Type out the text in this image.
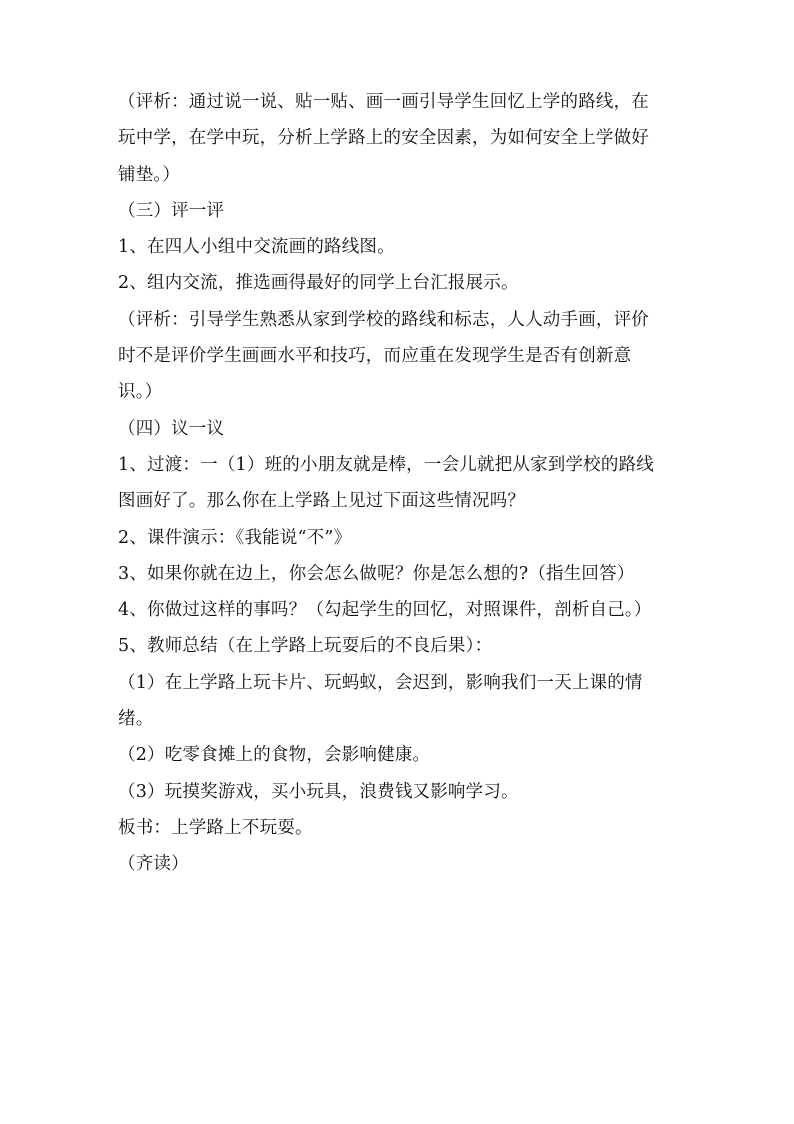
（评析：通过说一说、贴一贴、画一画引导学生回忆上学的路线，在
玩中学，在学中玩，分析上学路上的安全因素，为如何安全上学做好
铺垫。）
（三）评一评
1、在四人小组中交流画的路线图。
2、组内交流，推选画得最好的同学上台汇报展示。
（评析：引导学生熟悉从家到学校的路线和标志，人人动手画，评价
时不是评价学生画画水平和技巧，而应重在发现学生是否有创新意
识。）
（四）议一议
1、过渡：一（1）班的小朋友就是棒，一会儿就把从家到学校的路线
图画好了。那么你在上学路上见过下面这些情况吗？
2、课件演示：《我能说“不”》
3、如果你就在边上，你会怎么做呢？你是怎么想的?（指生回答）
4、你做过这样的事吗？（勾起学生的回忆，对照课件，剖析自己。）
5、教师总结（在上学路上玩耍后的不良后果）：
（1）在上学路上玩卡片、玩蚂蚁，会迟到，影响我们一天上课的情
绪。
（2）吃零食摊上的食物，会影响健康。
（3）玩摸奖游戏，买小玩具，浪费钱又影响学习。
板书：上学路上不玩耍。
（齐读）
